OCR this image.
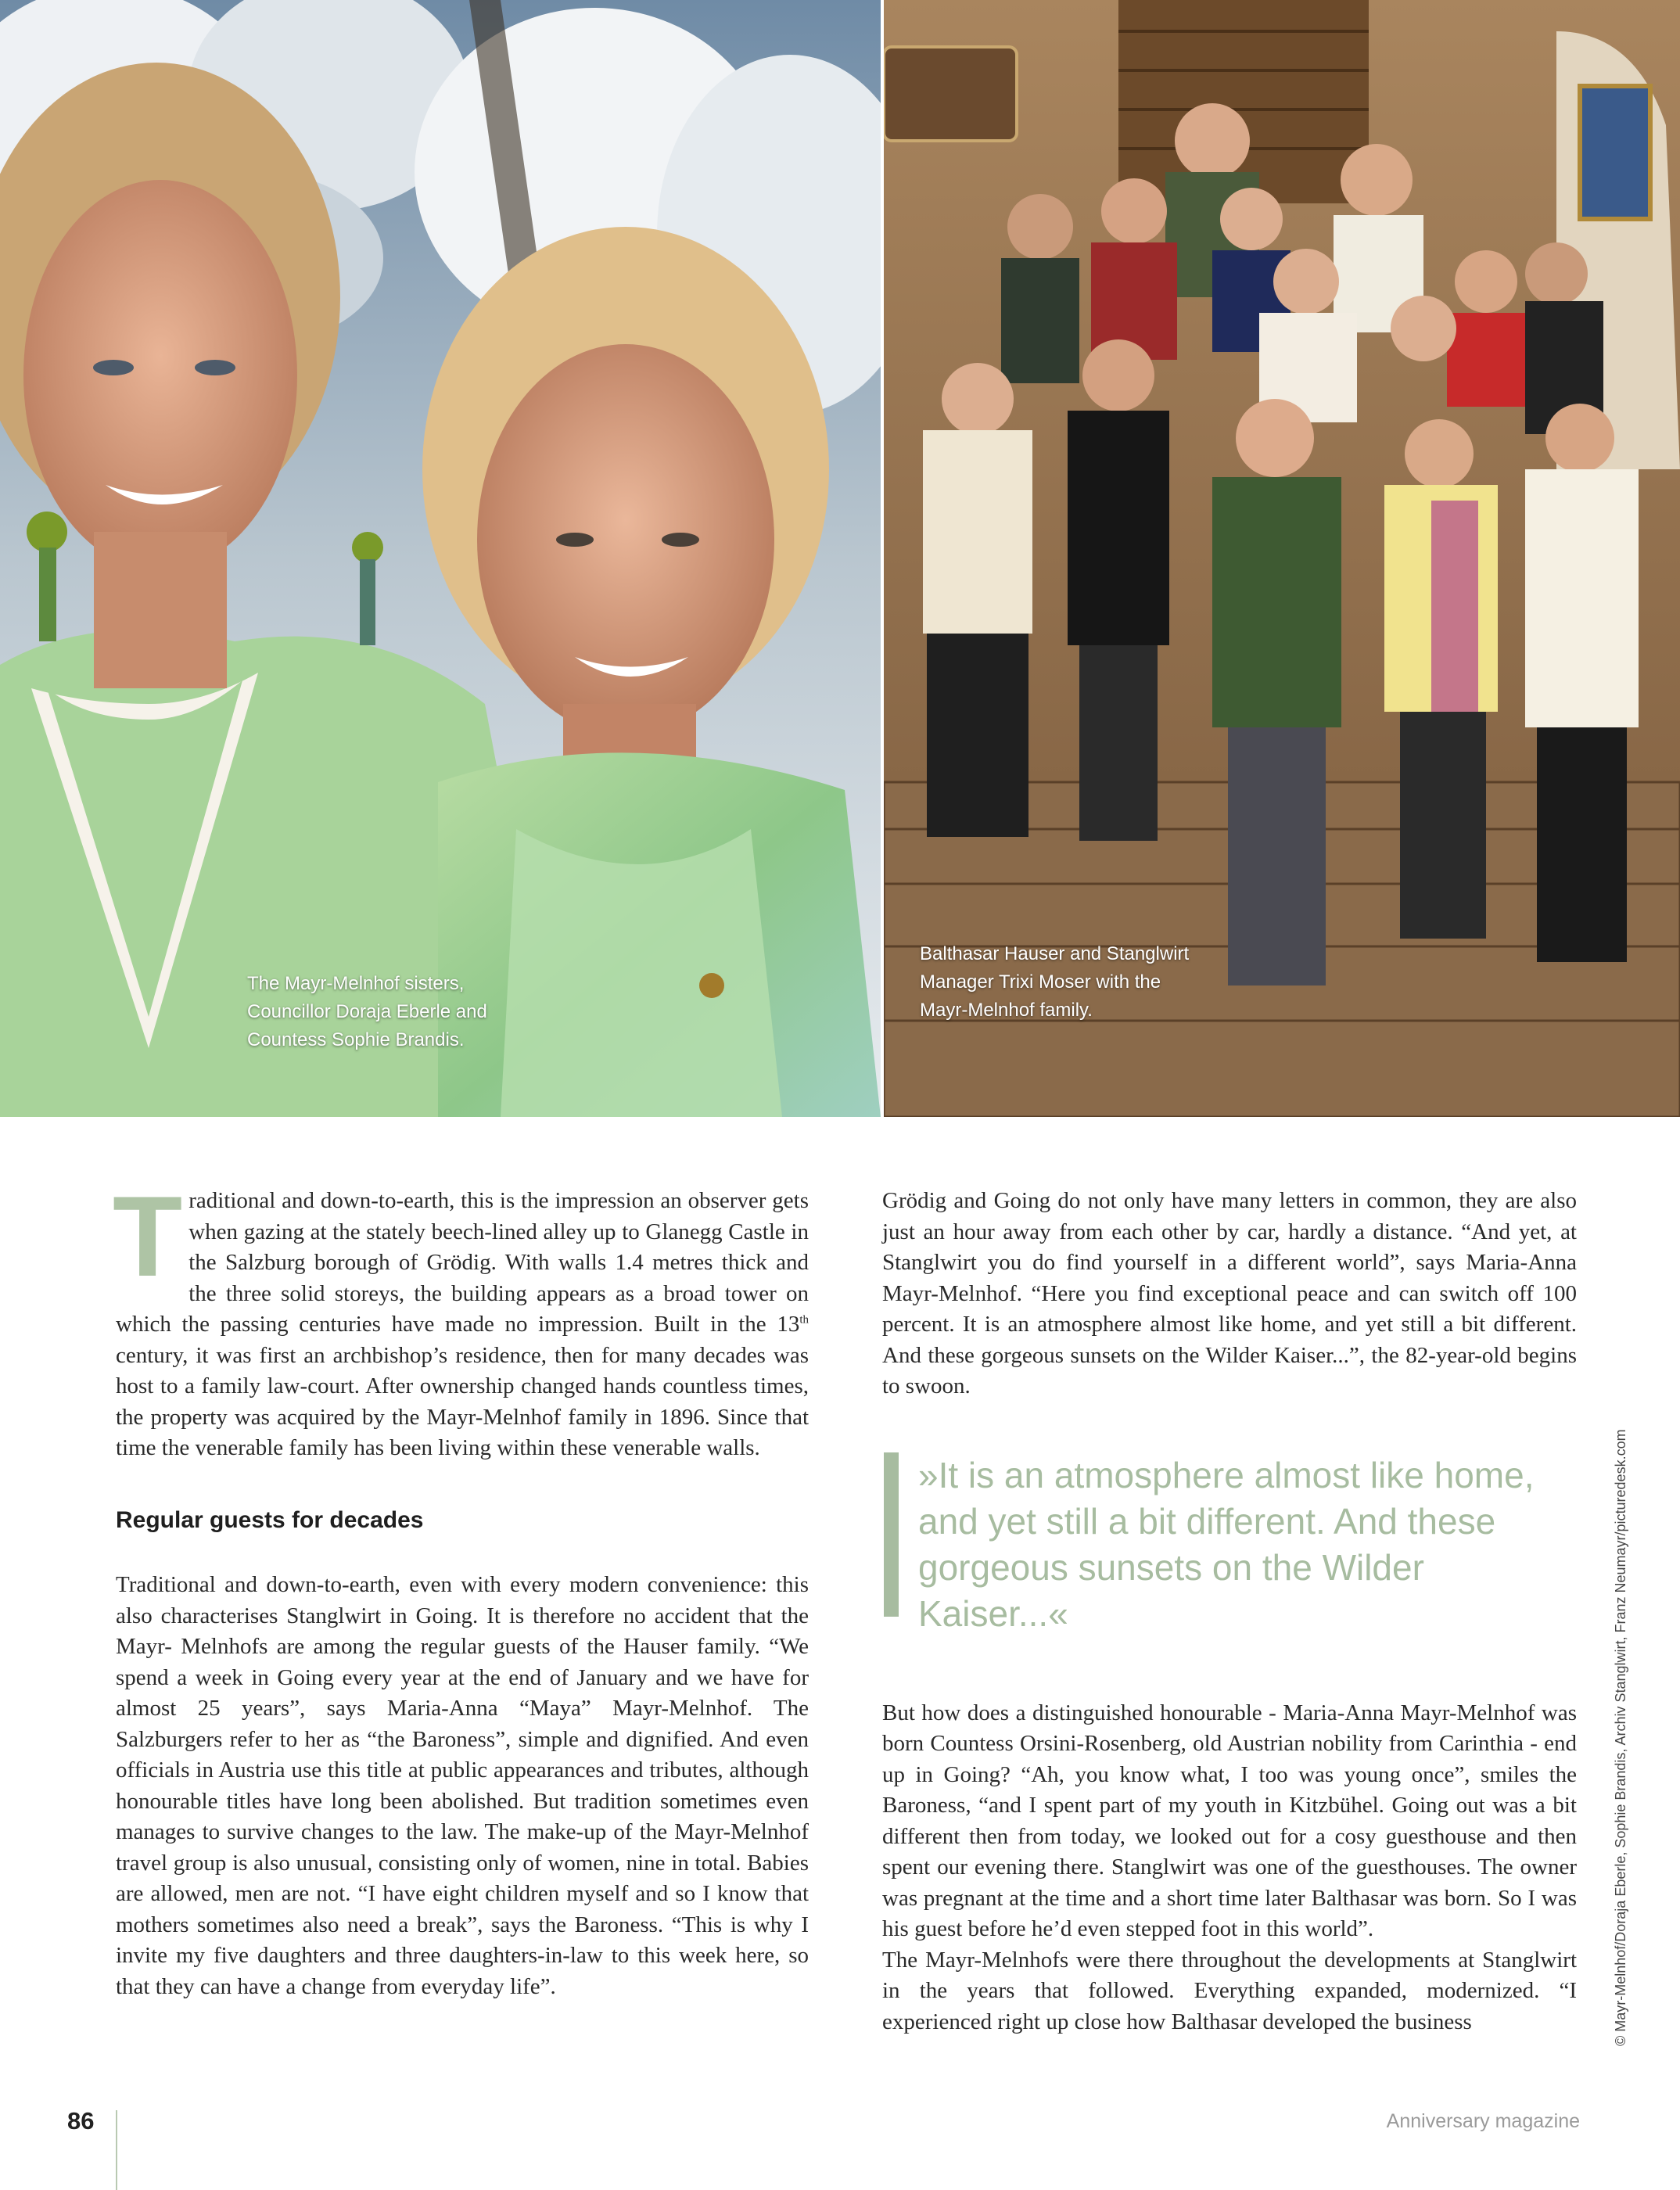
The Mayr-Melnhof sisters,
Councillor Doraja Eberle and
Countess Sophie Brandis.
Balthasar Hauser and Stanglwirt
Manager Trixi Moser with the
Mayr-Melnhof family.

Traditional and down-to-earth, this is the impression an observer gets when gazing at the stately beech-lined alley up to Glanegg Castle in the Salzburg borough of Grödig. With walls 1.4 metres thick and the three solid storeys, the building appears as a broad tower on which the passing centuries have made no impression. Built in the 13th century, it was first an archbishop’s residence, then for many decades was host to a family law-court. After ownership changed hands countless times, the property was acquired by the Mayr-Melnhof family in 1896. Since that time the venerable family has been living within these venerable walls.

Regular guests for decades

Traditional and down-to-earth, even with every modern convenience: this also characterises Stanglwirt in Going. It is therefore no accident that the Mayr- Melnhofs are among the regular guests of the Hauser family. “We spend a week in Going every year at the end of January and we have for almost 25 years”, says Maria-Anna “Maya” Mayr-Melnhof. The Salzburgers refer to her as “the Baroness”, simple and dignified. And even officials in Austria use this title at public appearances and tributes, although honourable titles have long been abolished. But tradition sometimes even manages to survive changes to the law. The make-up of the Mayr-Melnhof travel group is also unusual, consisting only of women, nine in total. Babies are allowed, men are not. “I have eight children myself and so I know that mothers sometimes also need a break”, says the Baroness. “This is why I invite my five daughters and three daughters-in-law to this week here, so that they can have a change from everyday life”.

Grödig and Going do not only have many letters in common, they are also just an hour away from each other by car, hardly a distance. “And yet, at Stanglwirt you do find yourself in a different world”, says Maria-Anna Mayr-Melnhof. “Here you find exceptional peace and can switch off 100 percent. It is an atmosphere almost like home, and yet still a bit different. And these gorgeous sunsets on the Wilder Kaiser...”, the 82-year-old begins to swoon.

»It is an atmosphere almost like home, and yet still a bit different. And these gorgeous sunsets on the Wilder Kaiser...«

But how does a distinguished honourable - Maria-Anna Mayr-Melnhof was born Countess Orsini-Rosenberg, old Austrian nobility from Carinthia - end up in Going? “Ah, you know what, I too was young once”, smiles the Baroness, “and I spent part of my youth in Kitzbühel. Going out was a bit different then from today, we looked out for a cosy guesthouse and then spent our evening there. Stanglwirt was one of the guesthouses. The owner was pregnant at the time and a short time later Balthasar was born. So I was his guest before he’d even stepped foot in this world”.

The Mayr-Melnhofs were there throughout the developments at Stanglwirt in the years that followed. Everything expanded, modernized. “I experienced right up close how Balthasar developed the business	© Mayr-Melnhof/Doraja Eberle, Sophie Brandis, Archiv Stanglwirt, Franz Neumayr/picturedesk.com
86	Anniversary magazine
